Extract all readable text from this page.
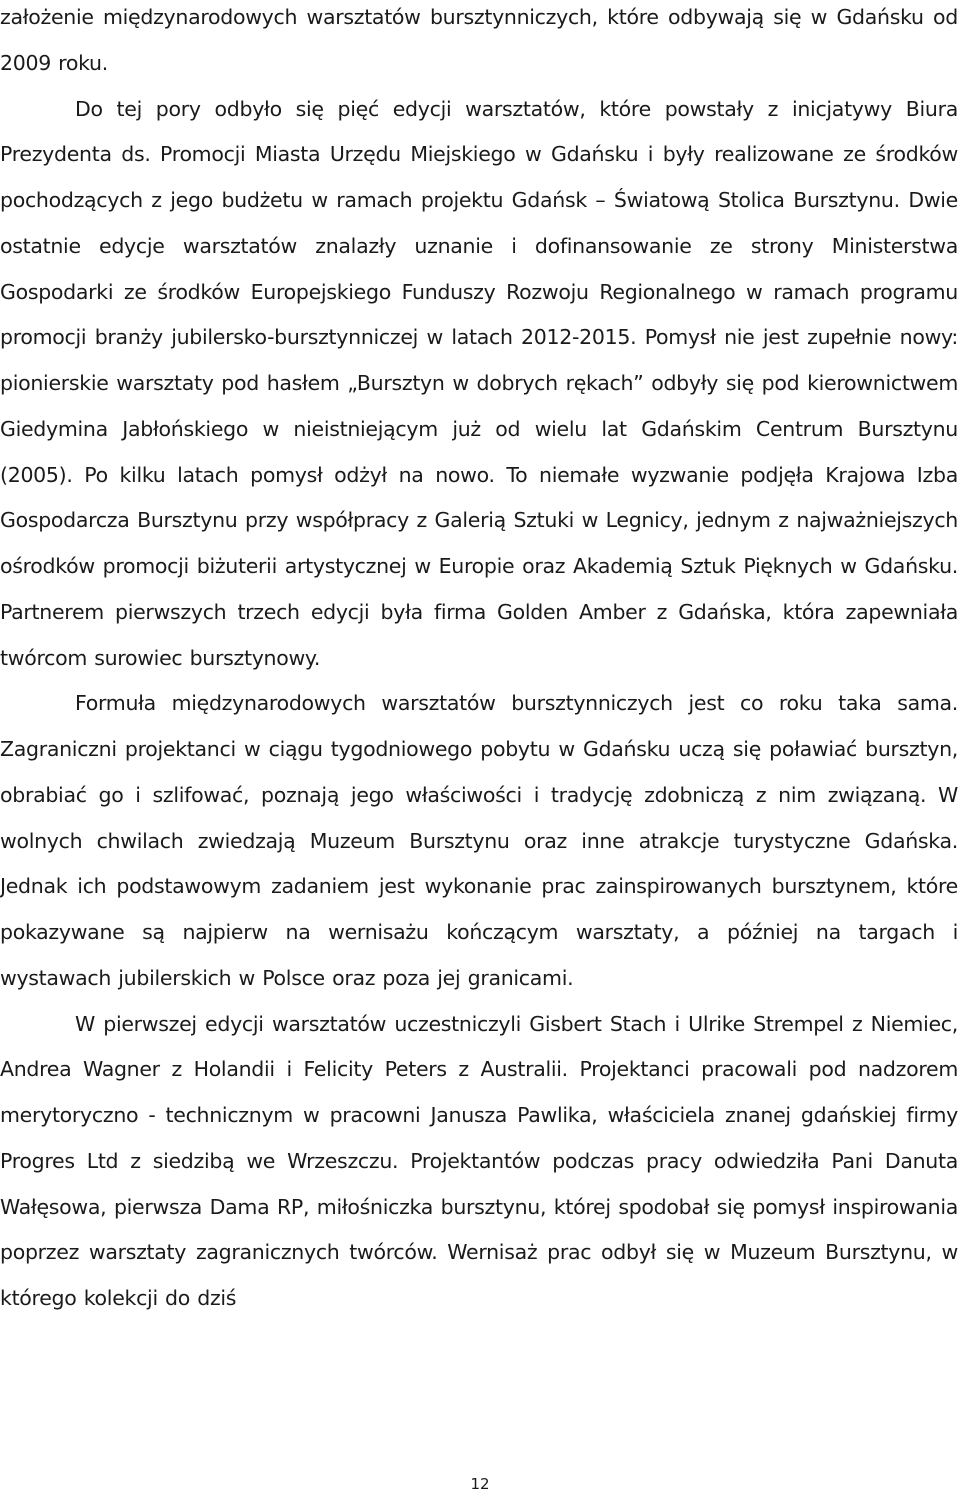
założenie międzynarodowych warsztatów bursztynniczych, które odbywają się w Gdańsku od 2009 roku.

Do tej pory odbyło się pięć edycji warsztatów, które powstały z inicjatywy Biura Prezydenta ds. Promocji Miasta Urzędu Miejskiego w Gdańsku i były realizowane ze środków pochodzących z jego budżetu w ramach projektu Gdańsk – Światową Stolica Bursztynu. Dwie ostatnie edycje warsztatów znalazły uznanie i dofinansowanie ze strony Ministerstwa Gospodarki ze środków Europejskiego Funduszy Rozwoju Regionalnego w ramach programu promocji branży jubilersko-bursztynniczej w latach 2012-2015. Pomysł nie jest zupełnie nowy: pionierskie warsztaty pod hasłem „Bursztyn w dobrych rękach” odbyły się pod kierownictwem Giedymina Jabłońskiego w nieistniejącym już od wielu lat Gdańskim Centrum Bursztynu (2005). Po kilku latach pomysł odżył na nowo. To niemałe wyzwanie podjęła Krajowa Izba Gospodarcza Bursztynu przy współpracy z Galerią Sztuki w Legnicy, jednym z najważniejszych ośrodków promocji biżuterii artystycznej w Europie oraz Akademią Sztuk Pięknych w Gdańsku. Partnerem pierwszych trzech edycji była firma Golden Amber z Gdańska, która zapewniała twórcom surowiec bursztynowy.

Formuła międzynarodowych warsztatów bursztynniczych jest co roku taka sama. Zagraniczni projektanci w ciągu tygodniowego pobytu w Gdańsku uczą się poławiać bursztyn, obrabiać go i szlifować, poznają jego właściwości i tradycję zdobniczą z nim związaną. W wolnych chwilach zwiedzają Muzeum Bursztynu oraz inne atrakcje turystyczne Gdańska. Jednak ich podstawowym zadaniem jest wykonanie prac zainspirowanych bursztynem, które pokazywane są najpierw na wernisażu kończącym warsztaty, a później na targach i wystawach jubilerskich w Polsce oraz poza jej granicami.

W pierwszej edycji warsztatów uczestniczyli Gisbert Stach i Ulrike Strempel z Niemiec, Andrea Wagner z Holandii i Felicity Peters z Australii. Projektanci pracowali pod nadzorem merytoryczno - technicznym w pracowni Janusza Pawlika, właściciela znanej gdańskiej firmy Progres Ltd z siedzibą we Wrzeszczu. Projektantów podczas pracy odwiedziła Pani Danuta Wałęsowa, pierwsza Dama RP, miłośniczka bursztynu, której spodobał się pomysł inspirowania poprzez warsztaty zagranicznych twórców. Wernisaż prac odbył się w Muzeum Bursztynu, w którego kolekcji do dziś

12
